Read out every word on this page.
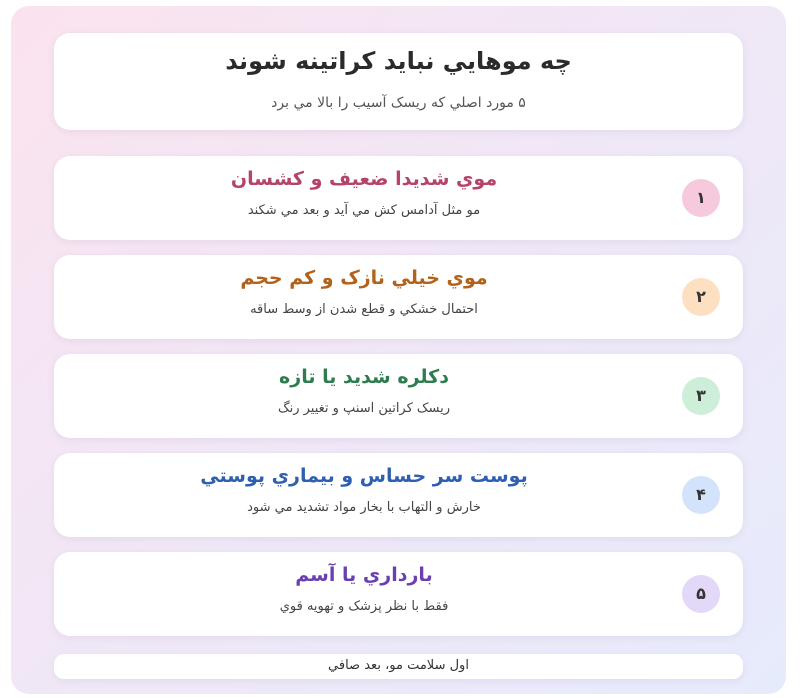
چه موهايي نبايد كراتينه شوند
۵ مورد اصلي كه ريسک آسيب را بالا مي برد
موي شديدا ضعيف و كشسان
مو مثل آدامس كش مي آيد و بعد مي شكند
۱
موي خيلي نازک و كم حجم
احتمال خشكي و قطع شدن از وسط ساقه
۲
دكلره شديد يا تازه
ريسک كراتين اسنپ و تغيير رنگ
۳
پوست سر حساس و بيماري پوستي
خارش و التهاب با بخار مواد تشديد مي شود
۴
بارداري يا آسم
فقط با نظر پزشک و تهويه قوي
۵
اول سلامت مو، بعد صافي
